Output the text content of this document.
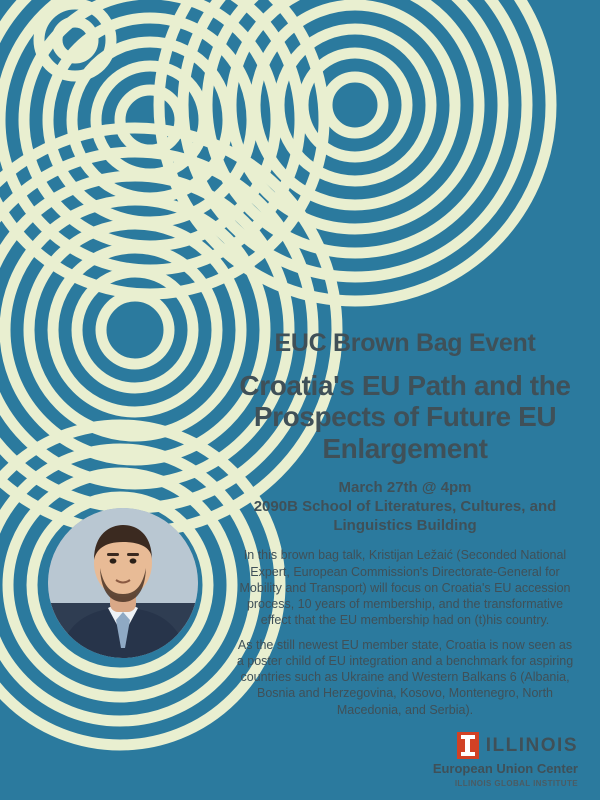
EUC Brown Bag Event
Croatia's EU Path and the Prospects of Future EU Enlargement
March 27th @ 4pm
2090B School of Literatures, Cultures, and Linguistics Building

In this brown bag talk, Kristijan Ležaić (Seconded National Expert, European Commission's Directorate-General for Mobility and Transport) will focus on Croatia's EU accession process, 10 years of membership, and the transformative effect that the EU membership had on (t)his country.

As the still newest EU member state, Croatia is now seen as a poster child of EU integration and a benchmark for aspiring countries such as Ukraine and Western Balkans 6 (Albania, Bosnia and Herzegovina, Kosovo, Montenegro, North Macedonia, and Serbia).

ILLINOIS
European Union Center
ILLINOIS GLOBAL INSTITUTE
